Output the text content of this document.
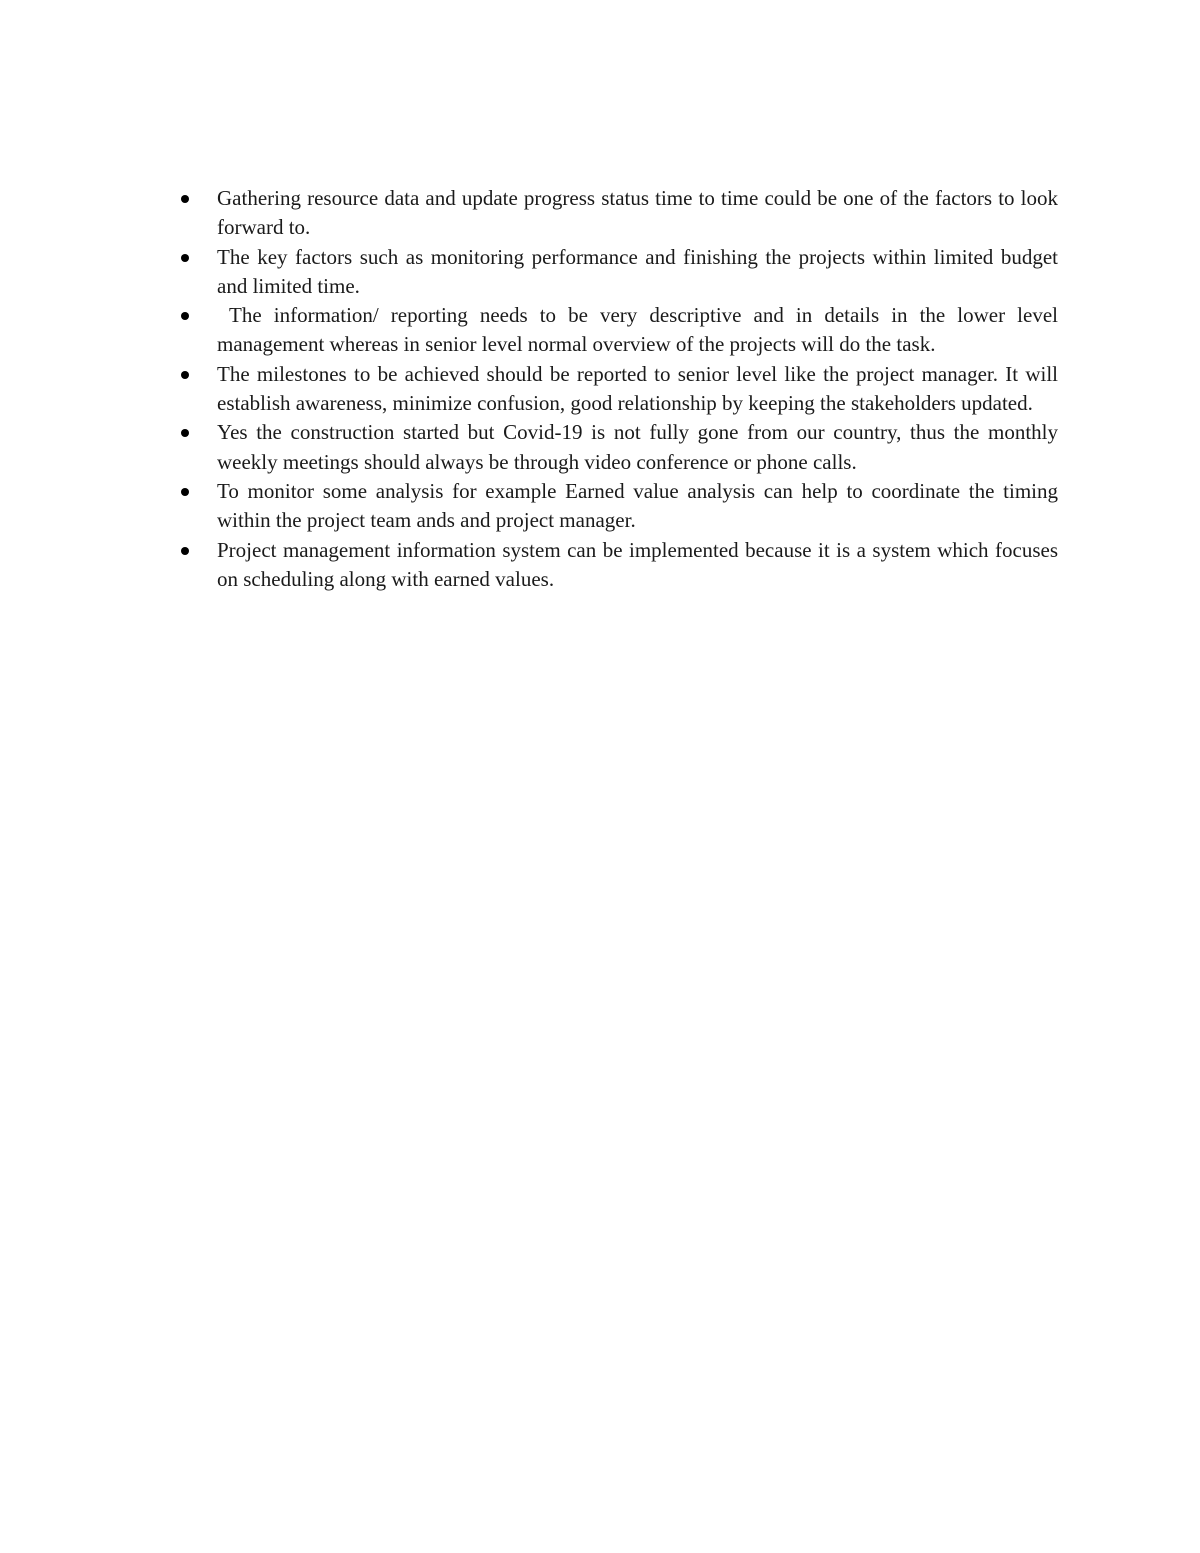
Gathering resource data and update progress status time to time could be one of the factors to look forward to.
The key factors such as monitoring performance and finishing the projects within limited budget and limited time.
The information/ reporting needs to be very descriptive and in details in the lower level management whereas in senior level normal overview of the projects will do the task.
The milestones to be achieved should be reported to senior level like the project manager. It will establish awareness, minimize confusion, good relationship by keeping the stakeholders updated.
Yes the construction started but Covid-19 is not fully gone from our country, thus the monthly weekly meetings should always be through video conference or phone calls.
To monitor some analysis for example Earned value analysis can help to coordinate the timing within the project team ands and project manager.
Project management information system can be implemented because it is a system which focuses on scheduling along with earned values.
